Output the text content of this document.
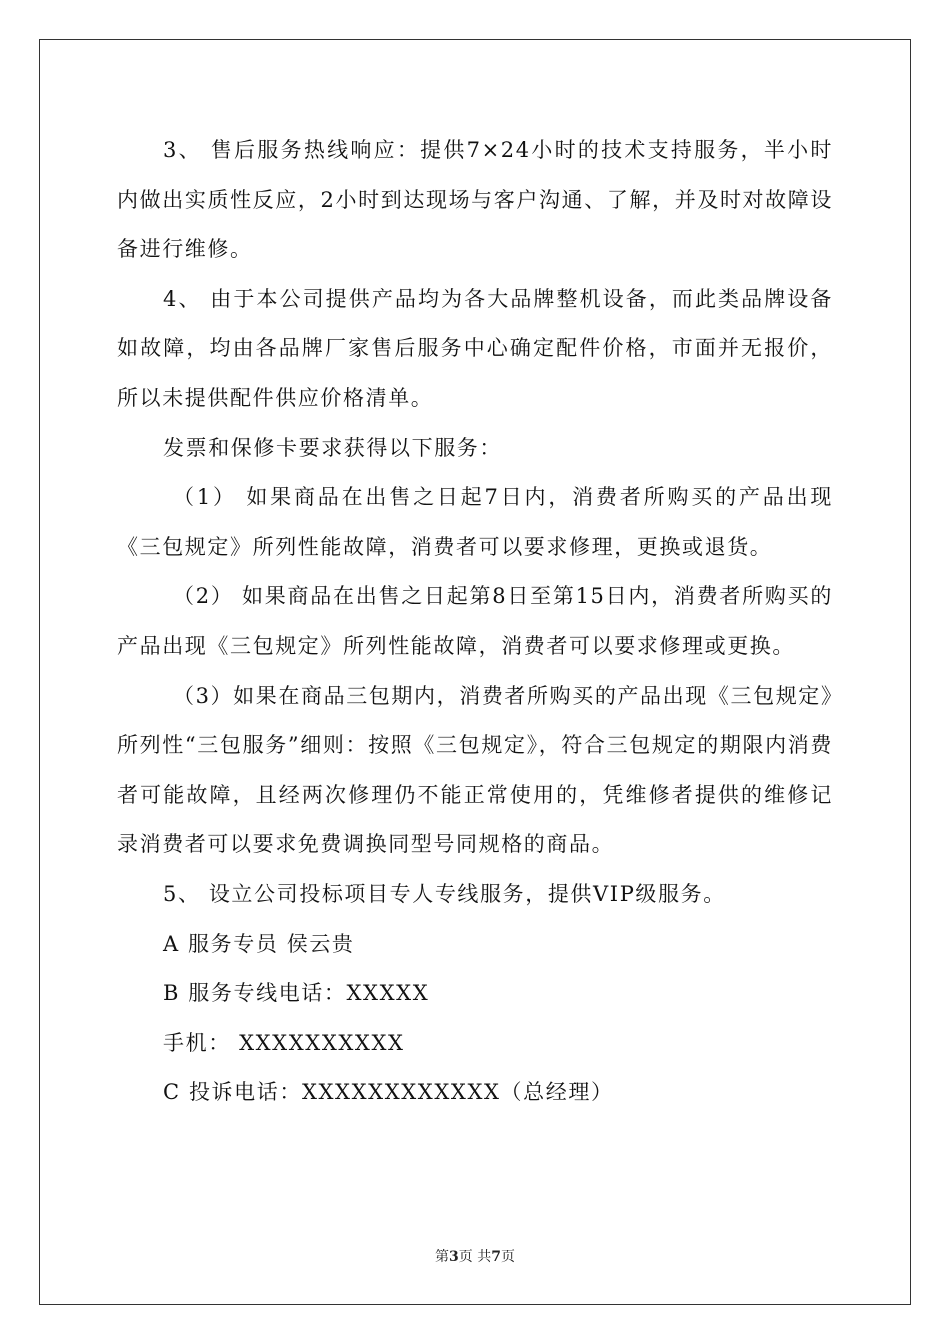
3、 售后服务热线响应：提供7×24小时的技术支持服务，半小时内做出实质性反应，2小时到达现场与客户沟通、了解，并及时对故障设备进行维修。

4、 由于本公司提供产品均为各大品牌整机设备，而此类品牌设备如故障，均由各品牌厂家售后服务中心确定配件价格，市面并无报价，所以未提供配件供应价格清单。

发票和保修卡要求获得以下服务：

（1） 如果商品在出售之日起7日内，消费者所购买的产品出现《三包规定》所列性能故障，消费者可以要求修理，更换或退货。

（2） 如果商品在出售之日起第8日至第15日内，消费者所购买的产品出现《三包规定》所列性能故障，消费者可以要求修理或更换。

（3）如果在商品三包期内，消费者所购买的产品出现《三包规定》所列性“三包服务”细则：按照《三包规定》，符合三包规定的期限内消费者可能故障，且经两次修理仍不能正常使用的，凭维修者提供的维修记录消费者可以要求免费调换同型号同规格的商品。

5、 设立公司投标项目专人专线服务，提供VIP级服务。

A 服务专员 侯云贵

B 服务专线电话：XXXXX

手机： XXXXXXXXXX

C 投诉电话：XXXXXXXXXXXX（总经理）

第3页 共7页
